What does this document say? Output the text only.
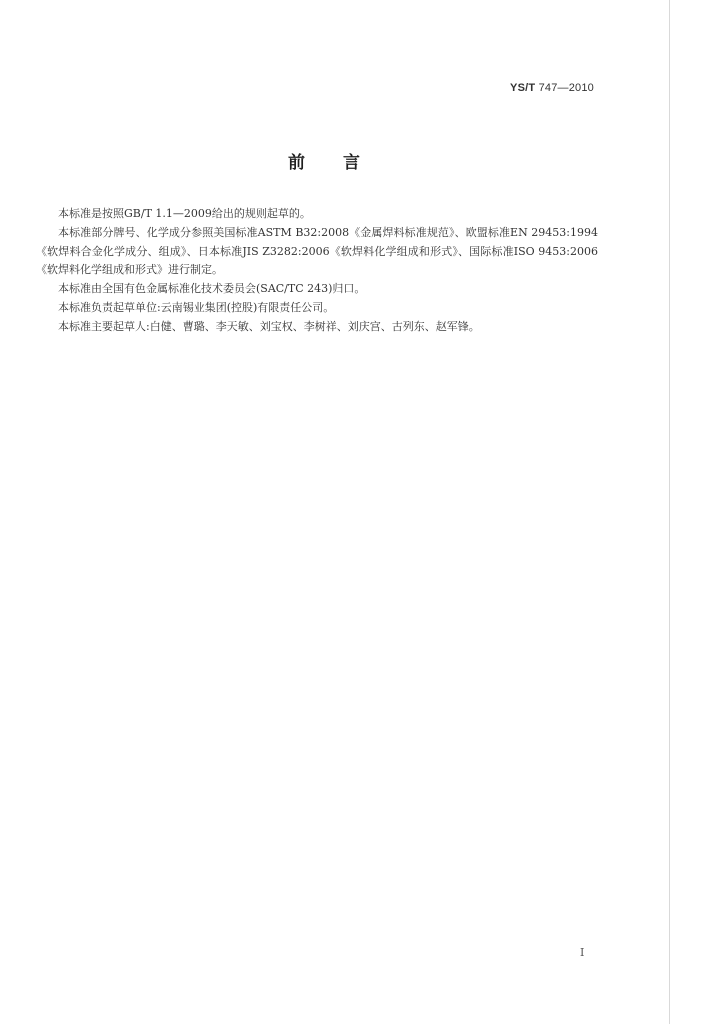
YS/T 747—2010
前言

本标准是按照GB/T 1.1—2009给出的规则起草的。

本标准部分牌号、化学成分参照美国标准ASTM B32:2008《金属焊料标准规范》、欧盟标准EN 29453:1994《软焊料合金化学成分、组成》、日本标准JIS Z3282:2006《软焊料化学组成和形式》、国际标准ISO 9453:2006《软焊料化学组成和形式》进行制定。

本标准由全国有色金属标准化技术委员会(SAC/TC 243)归口。

本标准负责起草单位:云南锡业集团(控股)有限责任公司。

本标准主要起草人:白健、曹璐、李天敏、刘宝权、李树祥、刘庆宫、古列东、赵军锋。

I
